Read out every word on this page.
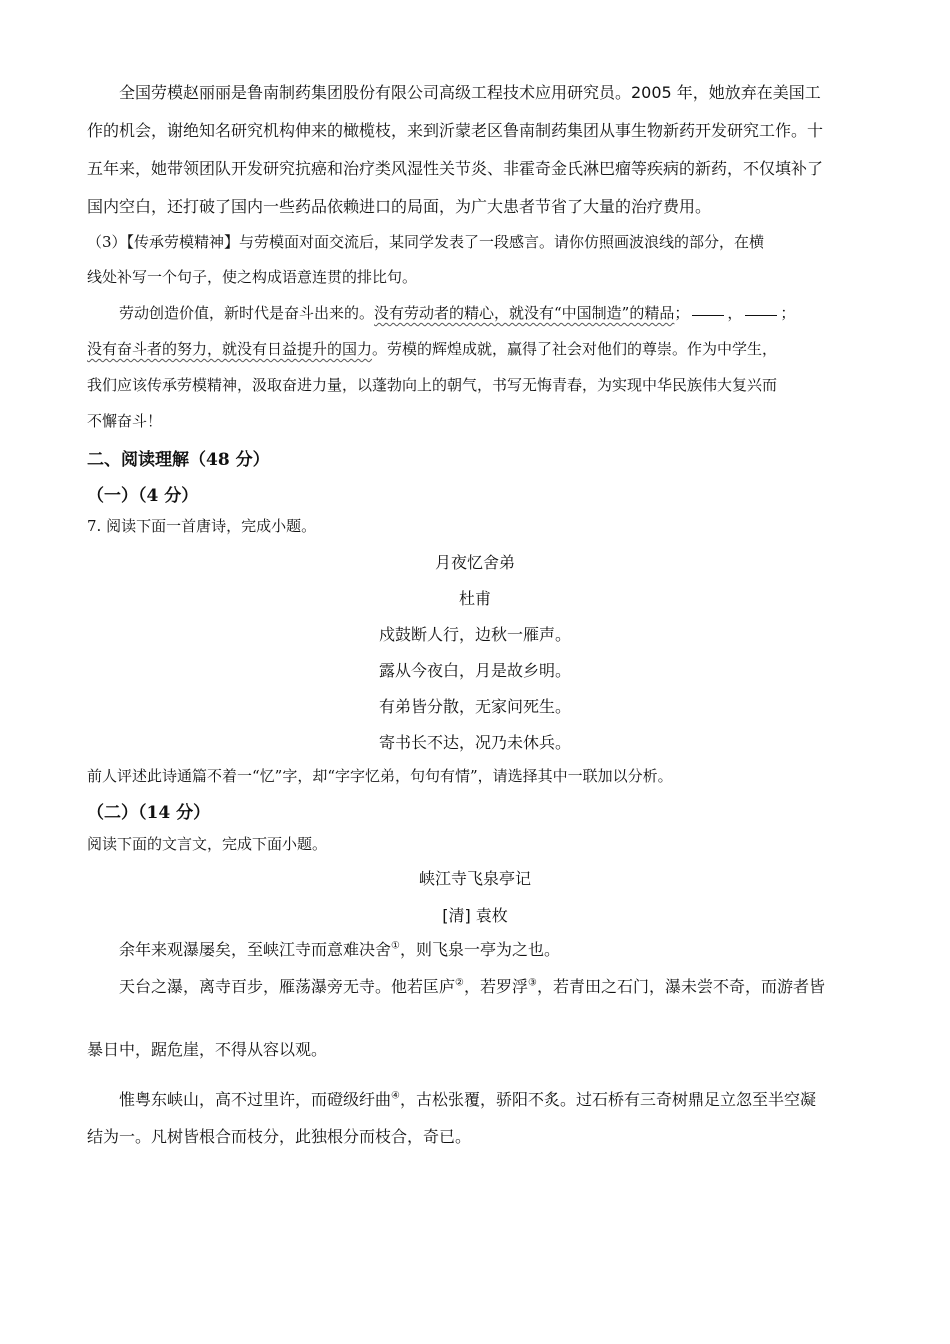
全国劳模赵丽丽是鲁南制药集团股份有限公司高级工程技术应用研究员。2005 年，她放弃在美国工
作的机会，谢绝知名研究机构伸来的橄榄枝，来到沂蒙老区鲁南制药集团从事生物新药开发研究工作。十
五年来，她带领团队开发研究抗癌和治疗类风湿性关节炎、非霍奇金氏淋巴瘤等疾病的新药，不仅填补了
国内空白，还打破了国内一些药品依赖进口的局面，为广大患者节省了大量的治疗费用。
（3）【传承劳模精神】与劳模面对面交流后，某同学发表了一段感言。请你仿照画波浪线的部分，在横
线处补写一个句子，使之构成语意连贯的排比句。
劳动创造价值，新时代是奋斗出来的。没有劳动者的精心，就没有“中国制造”的精品；	，	；
没有奋斗者的努力，就没有日益提升的国力。劳模的辉煌成就，赢得了社会对他们的尊崇。作为中学生，
我们应该传承劳模精神，汲取奋进力量，以蓬勃向上的朝气，书写无悔青春，为实现中华民族伟大复兴而
不懈奋斗！
二、阅读理解（48 分）
（一）（4 分）
7. 阅读下面一首唐诗，完成小题。
月夜忆舍弟
杜甫
戍鼓断人行，边秋一雁声。
露从今夜白，月是故乡明。
有弟皆分散，无家问死生。
寄书长不达，况乃未休兵。
前人评述此诗通篇不着一“忆”字，却“字字忆弟，句句有情”，请选择其中一联加以分析。
（二）（14 分）
阅读下面的文言文，完成下面小题。
峡江寺飞泉亭记
[清] 袁枚
余年来观瀑屡矣，至峡江寺而意难决舍①，则飞泉一亭为之也。
天台之瀑，离寺百步，雁荡瀑旁无寺。他若匡庐②，若罗浮③，若青田之石门，瀑未尝不奇，而游者皆
暴日中，踞危崖，不得从容以观。
惟粤东峡山，高不过里许，而磴级纡曲④，古松张覆，骄阳不炙。过石桥有三奇树鼎足立忽至半空凝
结为一。凡树皆根合而枝分，此独根分而枝合，奇已。
